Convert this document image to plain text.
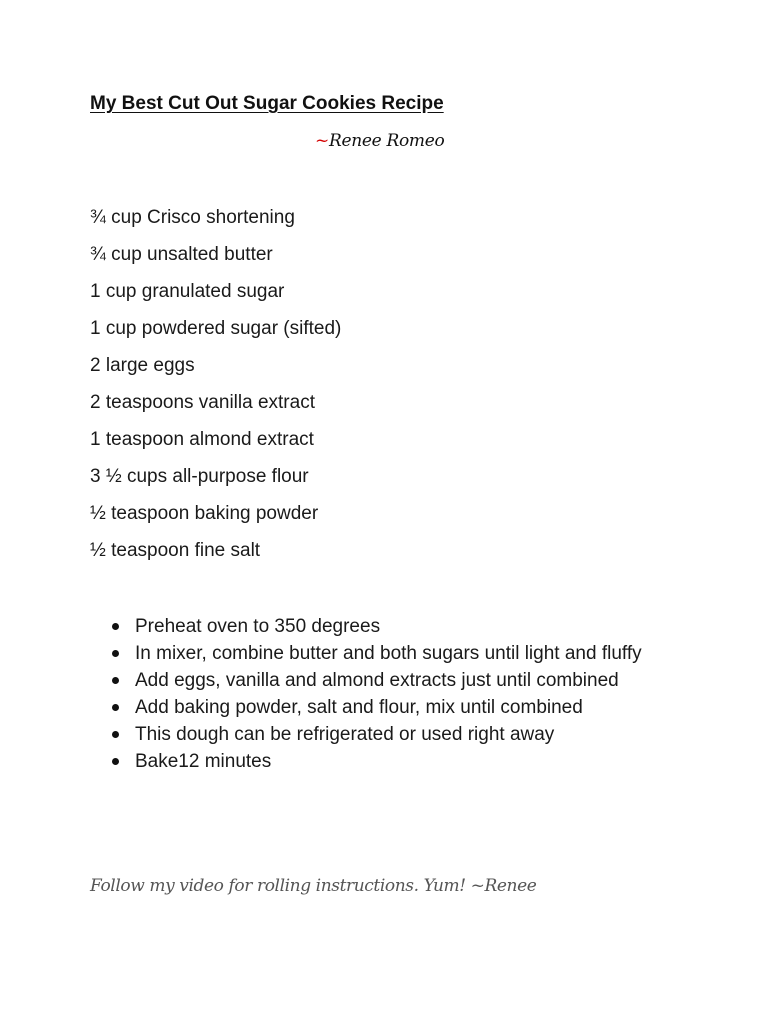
My Best Cut Out Sugar Cookies Recipe
~Renee Romeo
¾ cup Crisco shortening
¾ cup unsalted butter
1 cup granulated sugar
1 cup powdered sugar (sifted)
2 large eggs
2 teaspoons vanilla extract
1 teaspoon almond extract
3 ½ cups all-purpose flour
½ teaspoon baking powder
½ teaspoon fine salt
Preheat oven to 350 degrees
In mixer, combine butter and both sugars until light and fluffy
Add eggs, vanilla and almond extracts just until combined
Add baking powder, salt and flour, mix until combined
This dough can be refrigerated or used right away
Bake12 minutes
Follow my video for rolling instructions. Yum! ~Renee
